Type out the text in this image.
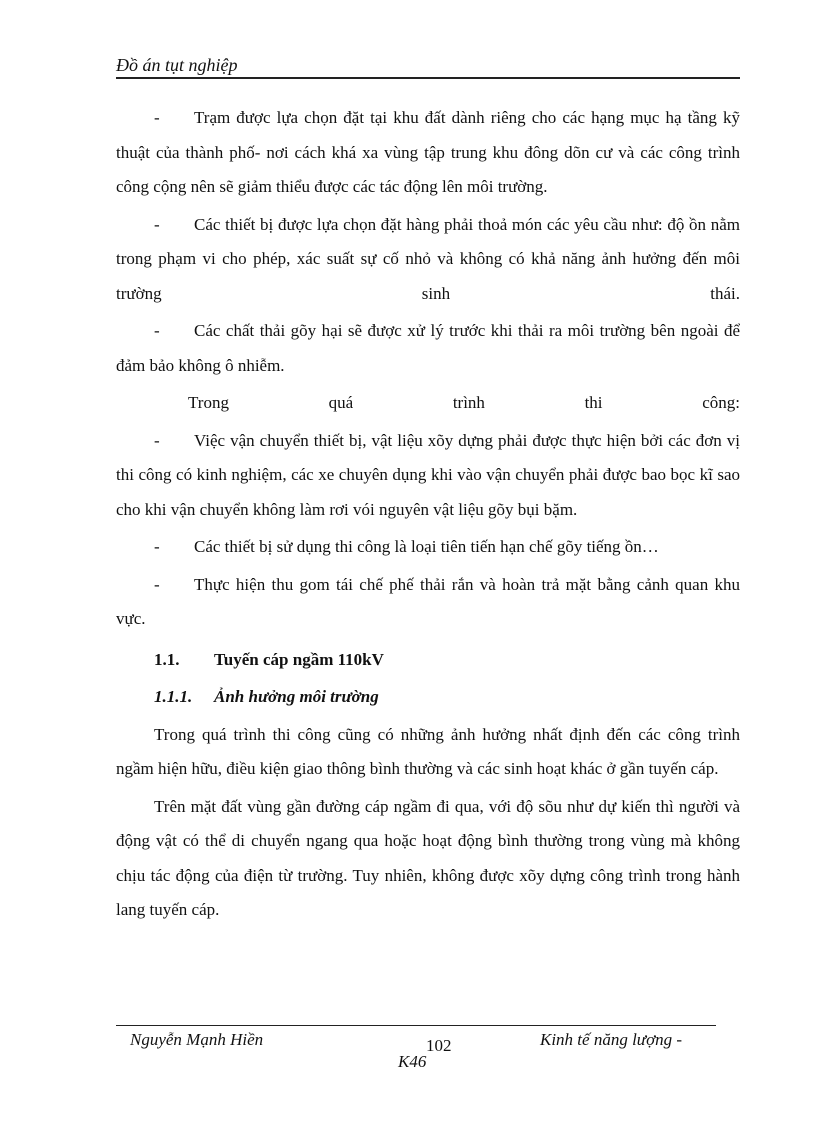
Đồ án tụt nghiệp

- Trạm được lựa chọn đặt tại khu đất dành riêng cho các hạng mục hạ tầng kỹ thuật của thành phố- nơi cách khá xa vùng tập trung khu đông dõn cư và các công trình công cộng nên sẽ giảm thiểu được các tác động lên môi trường.

- Các thiết bị được lựa chọn đặt hàng phải thoả món các yêu cầu như: độ ồn nằm trong phạm vi cho phép, xác suất sự cố nhỏ và không có khả năng ảnh hưởng đến môi trường sinh thái.

- Các chất thải gõy hại sẽ được xử lý trước khi thải ra môi trường bên ngoài để đảm bảo không ô nhiễm.

Trong	quá	trình	thi	công:

- Việc vận chuyển thiết bị, vật liệu xõy dựng phải được thực hiện bởi các đơn vị thi công có kinh nghiệm, các xe chuyên dụng khi vào vận chuyển phải được bao bọc kĩ sao cho khi vận chuyển không làm rơi vói nguyên vật liệu gõy bụi bặm.

- Các thiết bị sử dụng thi công là loại tiên tiến hạn chế gõy tiếng ồn…

- Thực hiện thu gom tái chế phế thải rắn và hoàn trả mặt bằng cảnh quan khu vực.

1.1.	Tuyến cáp ngầm 110kV
1.1.1.	Ảnh hưởng môi trường

Trong quá trình thi công cũng có những ảnh hưởng nhất định đến các công trình ngầm hiện hữu, điều kiện giao thông bình thường và các sinh hoạt khác ở gần tuyến cáp.

Trên mặt đất vùng gần đường cáp ngầm đi qua, với độ sõu như dự kiến thì người và động vật có thể di chuyển ngang qua hoặc hoạt động bình thường trong vùng mà không chịu tác động của điện từ trường. Tuy nhiên, không được xõy dựng công trình trong hành lang tuyến cáp.

Nguyễn Mạnh Hiền	102	Kinh tế năng lượng -
K46
